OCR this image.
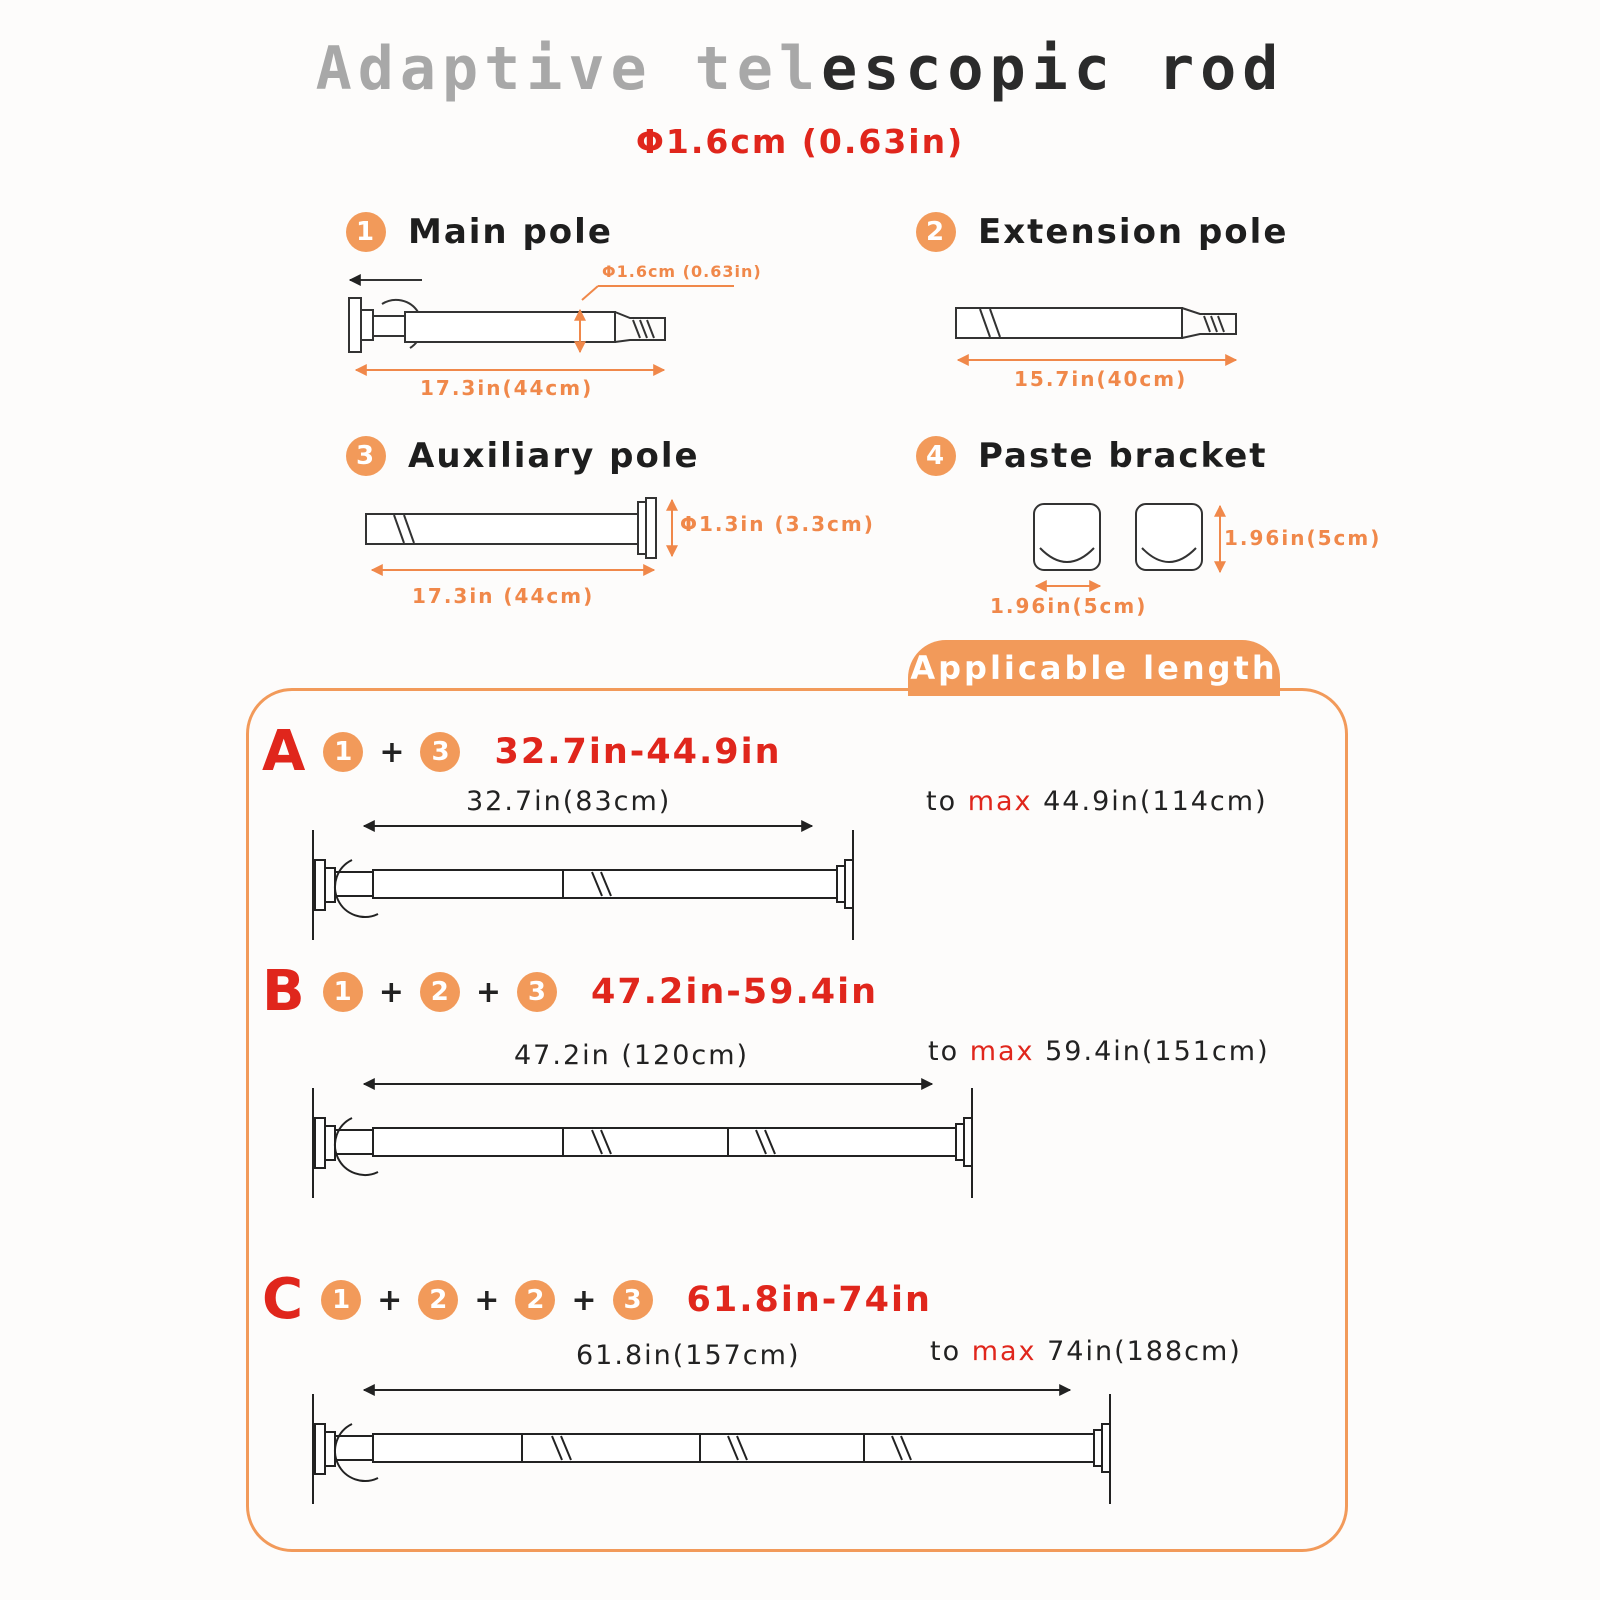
Adaptive telescopic rod
Φ1.6cm (0.63in)
1 Main pole	2 Extension pole
3 Auxiliary pole	4 Paste bracket
Φ1.6cm (0.63in)
17.3in(44cm)	15.7in(40cm)
Φ1.3in (3.3cm)
17.3in (44cm)
1.96in(5cm)
1.96in(5cm)
Applicable length
A	1 +	3	32.7in-44.9in
32.7in(83cm)	to max 44.9in(114cm)
B	1 +	2 +	3	47.2in-59.4in
47.2in (120cm)	to max 59.4in(151cm)
C	1 +	2 +	2 +	3	61.8in-74in
61.8in(157cm)	to max 74in(188cm)
